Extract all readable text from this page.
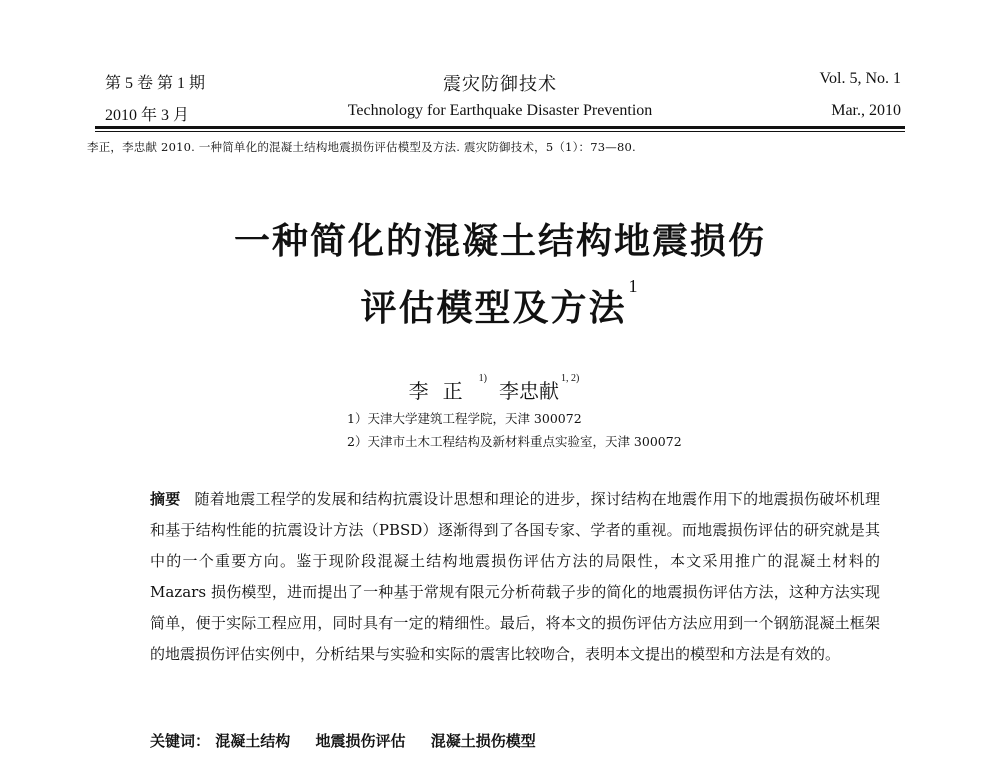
第 5 卷 第 1 期	震灾防御技术	Vol. 5, No. 1
2010 年 3 月	Technology for Earthquake Disaster Prevention	Mar., 2010
李正，李忠献 2010. 一种简单化的混凝土结构地震损伤评估模型及方法. 震灾防御技术，5（1）：73—80.
一种简化的混凝土结构地震损伤
评估模型及方法$^1$
李正$^{1)}$李忠献$^{1, 2)}$
1）天津大学建筑工程学院，天津 300072
2）天津市土木工程结构及新材料重点实验室，天津 300072
摘要 随着地震工程学的发展和结构抗震设计思想和理论的进步，探讨结构在地震作用下的地震损伤破坏机理和基于结构性能的抗震设计方法（PBSD）逐渐得到了各国专家、学者的重视。而地震损伤评估的研究就是其中的一个重要方向。鉴于现阶段混凝土结构地震损伤评估方法的局限性，本文采用推广的混凝土材料的 Mazars 损伤模型，进而提出了一种基于常规有限元分析荷载子步的简化的地震损伤评估方法，这种方法实现简单，便于实际工程应用，同时具有一定的精细性。最后，将本文的损伤评估方法应用到一个钢筋混凝土框架的地震损伤评估实例中，分析结果与实验和实际的震害比较吻合，表明本文提出的模型和方法是有效的。
关键词： 混凝土结构 地震损伤评估 混凝土损伤模型
